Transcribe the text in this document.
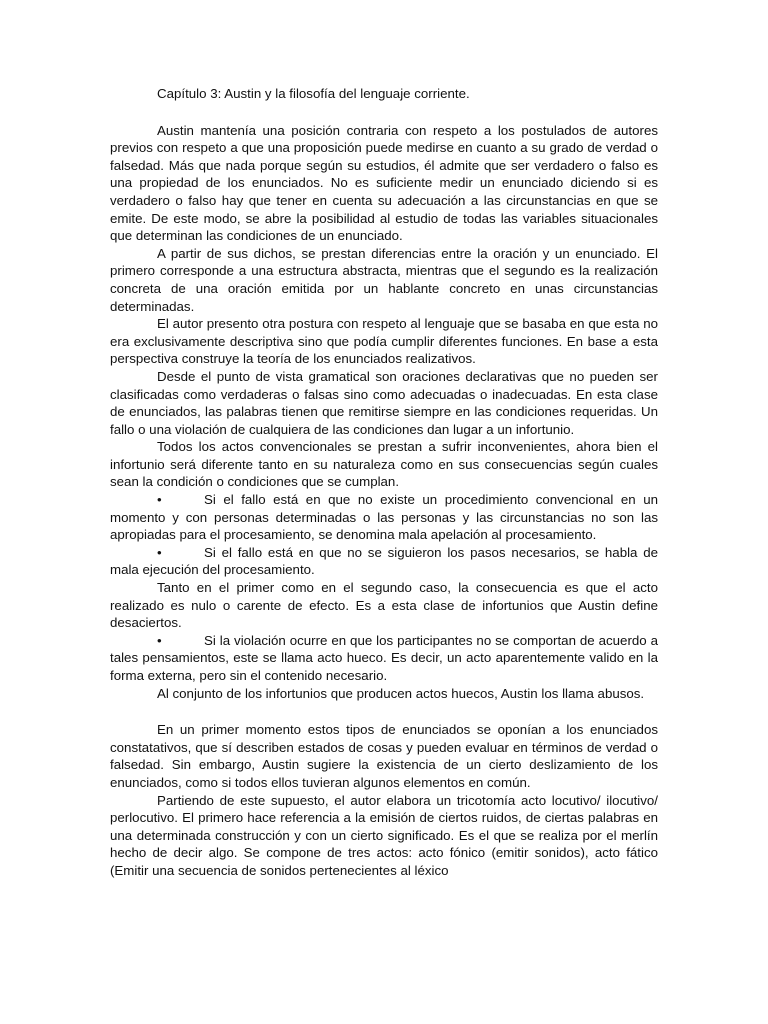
Capítulo 3: Austin y la filosofía del lenguaje corriente.

Austin mantenía una posición contraria con respeto a los postulados de autores previos con respeto a que una proposición puede medirse en cuanto a su grado de verdad o falsedad. Más que nada porque según su estudios, él admite que ser verdadero o falso es una propiedad de los enunciados. No es suficiente medir un enunciado diciendo si es verdadero o falso hay que tener en cuenta su adecuación a las circunstancias en que se emite. De este modo, se abre la posibilidad al estudio de todas las variables situacionales que determinan las condiciones de un enunciado.

A partir de sus dichos, se prestan diferencias entre la oración y un enunciado. El primero corresponde a una estructura abstracta, mientras que el segundo es la realización concreta de una oración emitida por un hablante concreto en unas circunstancias determinadas.

El autor presento otra postura con respeto al lenguaje que se basaba en que esta no era exclusivamente descriptiva sino que podía cumplir diferentes funciones. En base a esta perspectiva construye la teoría de los enunciados realizativos.

Desde el punto de vista gramatical son oraciones declarativas que no pueden ser clasificadas como verdaderas o falsas sino como adecuadas o inadecuadas. En esta clase de enunciados, las palabras tienen que remitirse siempre en las condiciones requeridas. Un fallo o una violación de cualquiera de las condiciones dan lugar a un infortunio.

Todos los actos convencionales se prestan a sufrir inconvenientes, ahora bien el infortunio será diferente tanto en su naturaleza como en sus consecuencias según cuales sean la condición o condiciones que se cumplan.

•	Si el fallo está en que no existe un procedimiento convencional en un momento y con personas determinadas o las personas y las circunstancias no son las apropiadas para el procesamiento, se denomina mala apelación al procesamiento.

•	Si el fallo está en que no se siguieron los pasos necesarios, se habla de mala ejecución del procesamiento.

Tanto en el primer como en el segundo caso, la consecuencia es que el acto realizado es nulo o carente de efecto. Es a esta clase de infortunios que Austin define desaciertos.

•	Si la violación ocurre en que los participantes no se comportan de acuerdo a tales pensamientos, este se llama acto hueco. Es decir, un acto aparentemente valido en la forma externa, pero sin el contenido necesario.

Al conjunto de los infortunios que producen actos huecos, Austin los llama abusos.

En un primer momento estos tipos de enunciados se oponían a los enunciados constatativos, que sí describen estados de cosas y pueden evaluar en términos de verdad o falsedad. Sin embargo, Austin sugiere la existencia de un cierto deslizamiento de los enunciados, como si todos ellos tuvieran algunos elementos en común.

Partiendo de este supuesto, el autor elabora un tricotomía acto locutivo/ ilocutivo/ perlocutivo. El primero hace referencia a la emisión de ciertos ruidos, de ciertas palabras en una determinada construcción y con un cierto significado. Es el que se realiza por el merlín hecho de decir algo. Se compone de tres actos: acto fónico (emitir sonidos), acto fático (Emitir una secuencia de sonidos pertenecientes al léxico
